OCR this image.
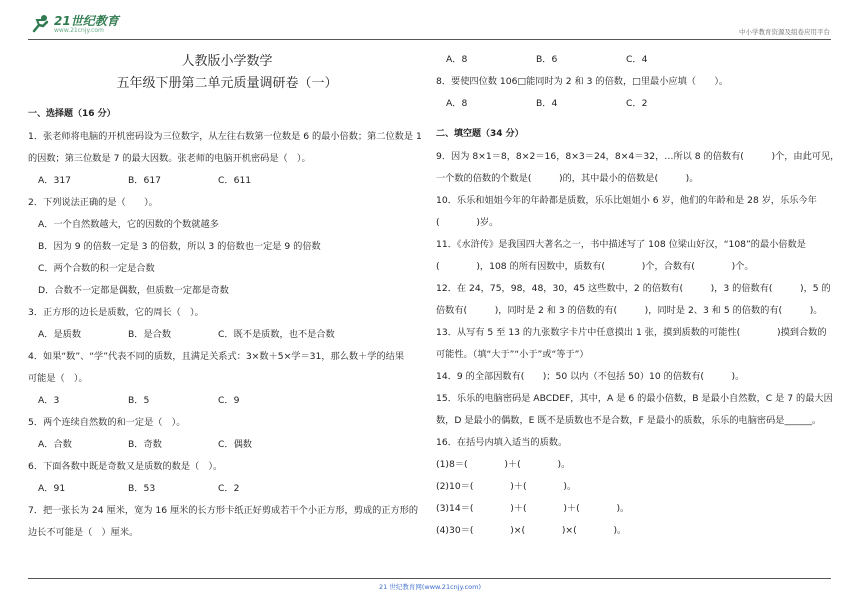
21世纪教育
www.21cnjy.com	中小学教育资源及组卷应用平台
人教版小学数学
五年级下册第二单元质量调研卷（一）
一、选择题（16 分）
1．张老师将电脑的开机密码设为三位数字，从左往右数第一位数是 6 的最小倍数；第二位数是 1
的因数；第三位数是 7 的最大因数。张老师的电脑开机密码是（　）。
A．317	B．617	C．611
2．下列说法正确的是（　　）。
A．一个自然数越大，它的因数的个数就越多
B．因为 9 的倍数一定是 3 的倍数，所以 3 的倍数也一定是 9 的倍数
C．两个合数的积一定是合数
D．合数不一定都是偶数，但质数一定都是奇数
3．正方形的边长是质数，它的周长（　）。
A．是质数	B．是合数	C．既不是质数，也不是合数
4．如果“数”、“学”代表不同的质数，且满足关系式：3×数＋5×学＝31，那么数＋学的结果
可能是（　）。
A．3	B．5	C．9
5．两个连续自然数的和一定是（　）。
A．合数	B．奇数	C．偶数
6．下面各数中既是奇数又是质数的数是（　）。
A．91	B．53	C．2
7．把一张长为 24 厘米，宽为 16 厘米的长方形卡纸正好剪成若干个小正方形，剪成的正方形的
边长不可能是（　）厘米。
A．8	B．6	C．4
8．要使四位数 106□能同时为 2 和 3 的倍数，□里最小应填（　　）。
A．8	B．4	C．2
二、填空题（34 分）
9．因为 8×1＝8，8×2＝16，8×3＝24，8×4＝32，…所以 8 的倍数有(　　　)个，由此可见，
一个数的倍数的个数是(　　　)的，其中最小的倍数是(　　　)。
10．乐乐和姐姐今年的年龄都是质数，乐乐比姐姐小 6 岁，他们的年龄和是 28 岁，乐乐今年
(　　　　)岁。
11．《水浒传》是我国四大著名之一，书中描述写了 108 位梁山好汉，“108”的最小倍数是
(　　　　)，108 的所有因数中，质数有(　　　　)个，合数有(　　　　)个。
12．在 24，75，98，48，30，45 这些数中，2 的倍数有(　　　)，3 的倍数有(　　　)，5 的
倍数有(　　　)，同时是 2 和 3 的倍数的有(　　　)，同时是 2、3 和 5 的倍数的有(　　　)。
13．从写有 5 至 13 的九张数字卡片中任意摸出 1 张，摸到质数的可能性(　　　　)摸到合数的
可能性。（填“大于”“小于”或“等于”）
14．9 的全部因数有(　　)；50 以内（不包括 50）10 的倍数有(　　　)。
15．乐乐的电脑密码是 ABCDEF，其中，A 是 6 的最小倍数，B 是最小自然数，C 是 7 的最大因
数，D 是最小的偶数，E 既不是质数也不是合数，F 是最小的质数，乐乐的电脑密码是______。
16．在括号内填入适当的质数。
(1)8＝(　　　　)＋(　　　　)。
(2)10＝(　　　　)＋(　　　　)。
(3)14＝(　　　　)＋(　　　　)＋(　　　　)。
(4)30＝(　　　　)×(　　　　)×(　　　　)。
21 世纪教育网(www.21cnjy.com)
